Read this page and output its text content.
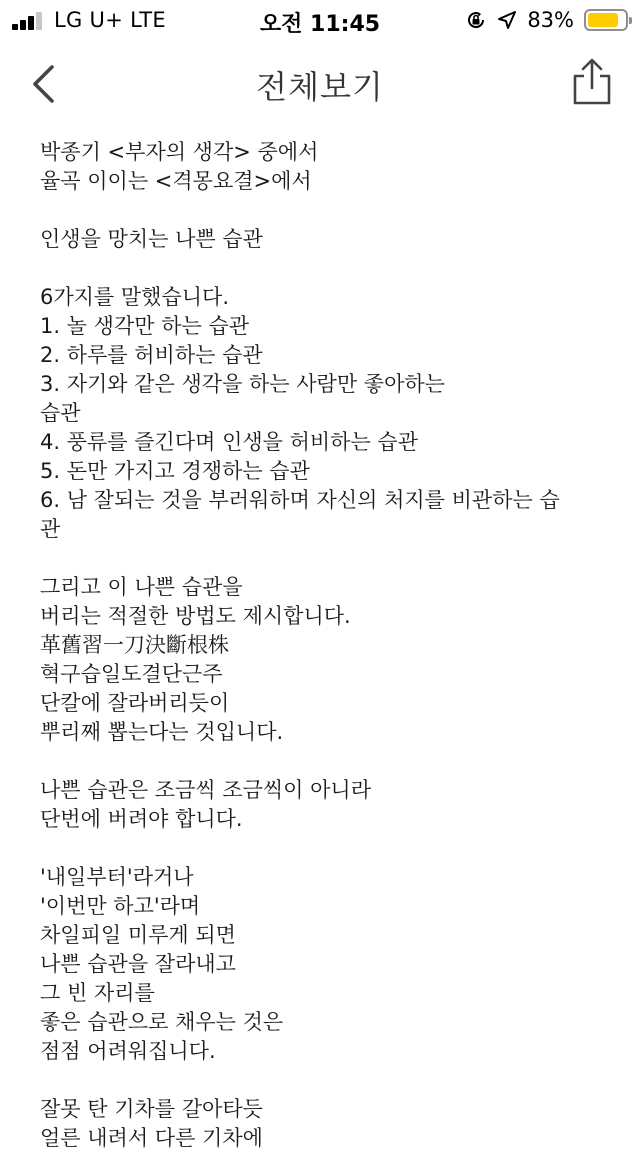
LG U+ LTE	오전 11:45	83%
전체보기
박종기 <부자의 생각> 중에서
율곡 이이는 <격몽요결>에서
인생을 망치는 나쁜 습관
6가지를 말했습니다.
1. 놀 생각만 하는 습관
2. 하루를 허비하는 습관
3. 자기와 같은 생각을 하는 사람만 좋아하는
습관
4. 풍류를 즐긴다며 인생을 허비하는 습관
5. 돈만 가지고 경쟁하는 습관
6. 남 잘되는 것을 부러워하며 자신의 처지를 비관하는 습
관
그리고 이 나쁜 습관을
버리는 적절한 방법도 제시합니다.
革舊習一刀決斷根株
혁구습일도결단근주
단칼에 잘라버리듯이
뿌리째 뽑는다는 것입니다.
나쁜 습관은 조금씩 조금씩이 아니라
단번에 버려야 합니다.
'내일부터'라거나
'이번만 하고'라며
차일피일 미루게 되면
나쁜 습관을 잘라내고
그 빈 자리를
좋은 습관으로 채우는 것은
점점 어려워집니다.
잘못 탄 기차를 갈아타듯
얼른 내려서 다른 기차에
